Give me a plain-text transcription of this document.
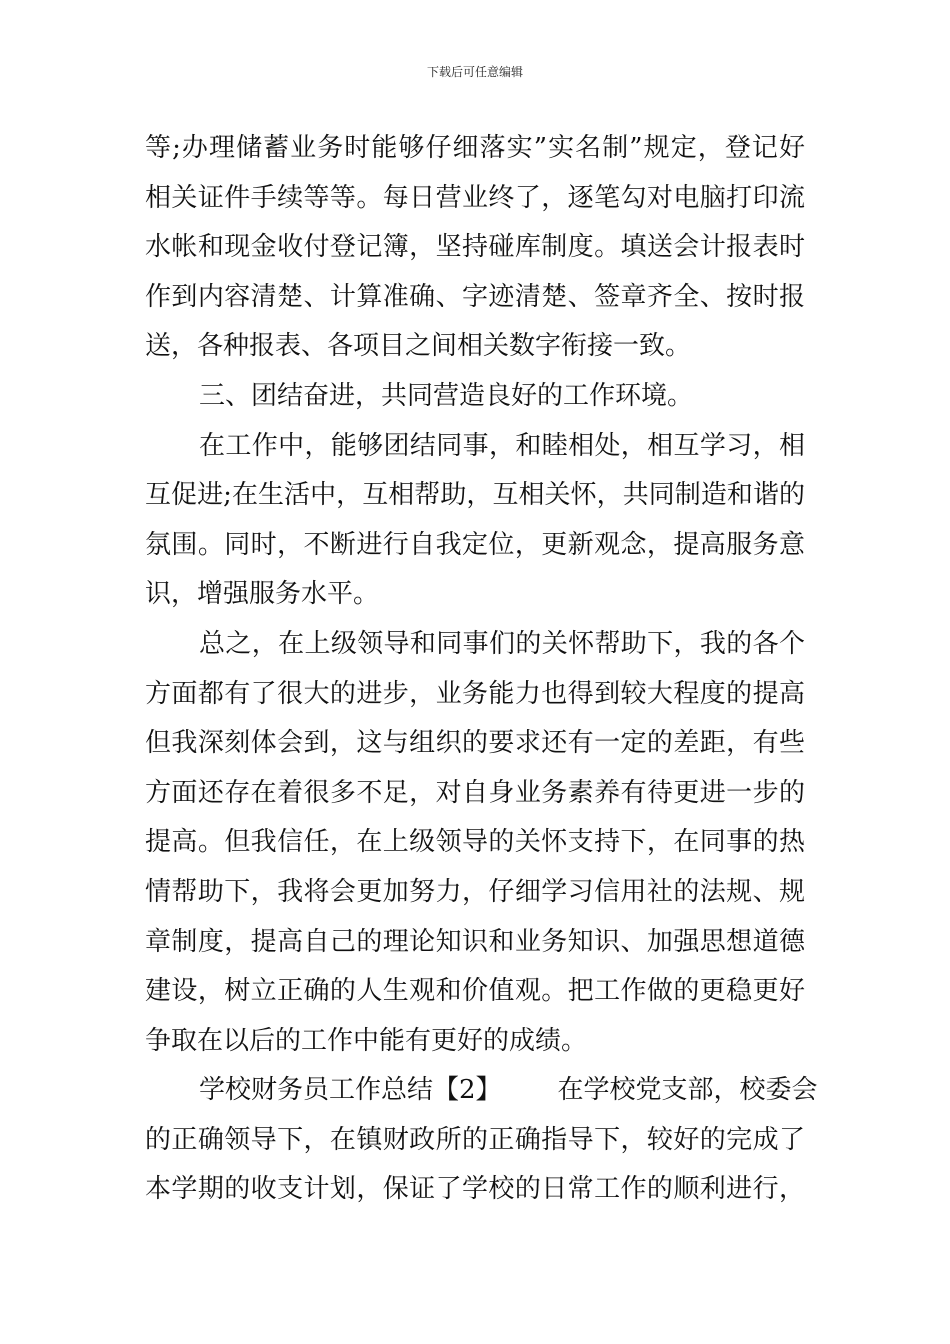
下载后可任意编辑
等;办理储蓄业务时能够仔细落实”实名制”规定，登记好
相关证件手续等等。每日营业终了，逐笔勾对电脑打印流
水帐和现金收付登记簿，坚持碰库制度。填送会计报表时
作到内容清楚、计算准确、字迹清楚、签章齐全、按时报
送，各种报表、各项目之间相关数字衔接一致。
三、团结奋进，共同营造良好的工作环境。
在工作中，能够团结同事，和睦相处，相互学习，相
互促进;在生活中，互相帮助，互相关怀，共同制造和谐的
氛围。同时，不断进行自我定位，更新观念，提高服务意
识，增强服务水平。
总之，在上级领导和同事们的关怀帮助下，我的各个
方面都有了很大的进步，业务能力也得到较大程度的提高
但我深刻体会到，这与组织的要求还有一定的差距，有些
方面还存在着很多不足，对自身业务素养有待更进一步的
提高。但我信任，在上级领导的关怀支持下，在同事的热
情帮助下，我将会更加努力，仔细学习信用社的法规、规
章制度，提高自己的理论知识和业务知识、加强思想道德
建设，树立正确的人生观和价值观。把工作做的更稳更好
争取在以后的工作中能有更好的成绩。
学校财务员工作总结【2】 在学校党支部，校委会
的正确领导下，在镇财政所的正确指导下，较好的完成了
本学期的收支计划，保证了学校的日常工作的顺利进行，
